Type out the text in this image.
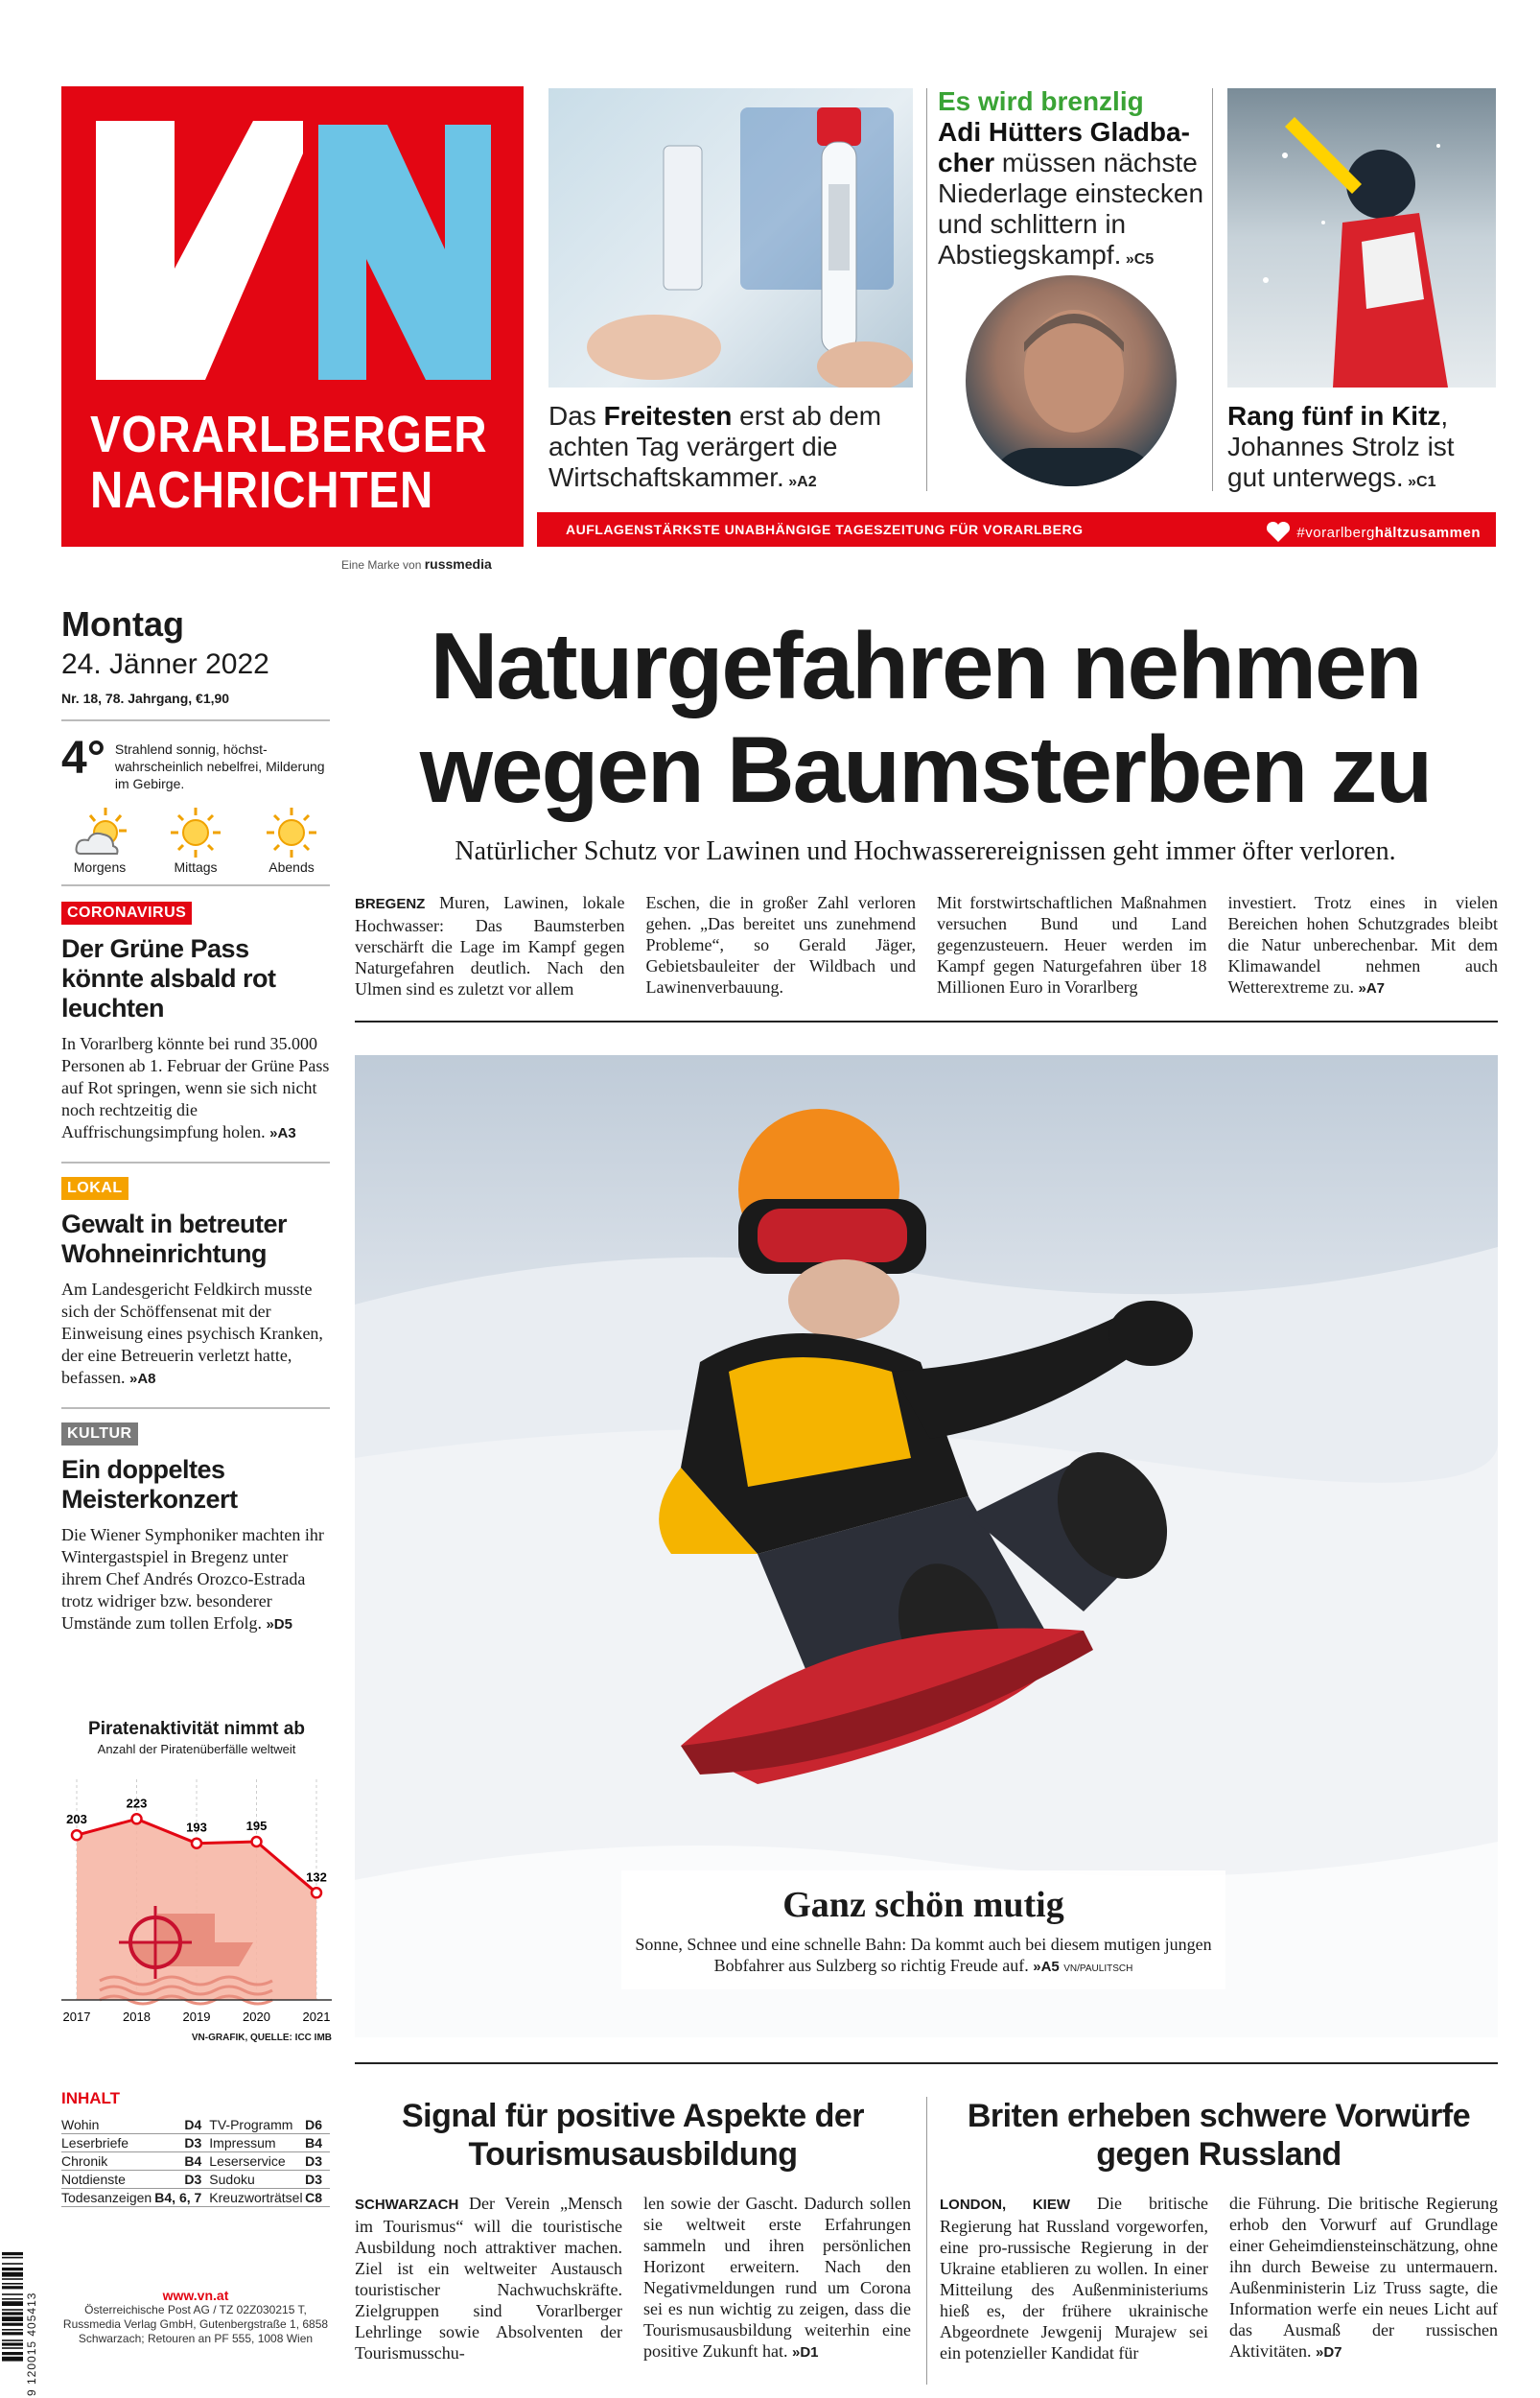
VORARLBERGER
NACHRICHTEN
Eine Marke von russmedia
Das Freitesten erst ab dem achten Tag verärgert die Wirtschaftskammer. »A2
Es wird brenzlig
Adi Hütters Gladbacher müssen nächste Niederlage einstecken und schlittern in Abstiegskampf. »C5
Rang fünf in Kitz, Johannes Strolz ist gut unterwegs. »C1
AUFLAGENSTÄRKSTE UNABHÄNGIGE TAGESZEITUNG FÜR VORARLBERG	#vorarlberghältzusammen
Montag
24. Jänner 2022
Nr. 18, 78. Jahrgang, €1,90
4° Strahlend sonnig, höchstwahrscheinlich nebelfrei, Milderung im Gebirge.
Morgens	Mittags	Abends
CORONAVIRUS
Der Grüne Pass könnte alsbald rot leuchten
In Vorarlberg könnte bei rund 35.000 Personen ab 1. Februar der Grüne Pass auf Rot springen, wenn sie sich nicht noch rechtzeitig die Auffrischungsimpfung holen. »A3
LOKAL
Gewalt in betreuter Wohneinrichtung
Am Landesgericht Feldkirch musste sich der Schöffensenat mit der Einweisung eines psychisch Kranken, der eine Betreuerin verletzt hatte, befassen. »A8
KULTUR
Ein doppeltes Meisterkonzert
Die Wiener Symphoniker machten ihr Wintergastspiel in Bregenz unter ihrem Chef Andrés Orozco-Estrada trotz widriger bzw. besonderer Umstände zum tollen Erfolg. »D5
Piratenaktivität nimmt ab
Anzahl der Piratenüberfälle weltweit
203
2017
223
2018
193
2019
195
2020
132
2021
VN-GRAFIK, QUELLE: ICC IMB
INHALT
Wohin	D4	TV-Programm	D6
Leserbriefe	D3	Impressum	B4
Chronik	B4	Leserservice	D3
Notdienste	D3	Sudoku	D3
Todesanzeigen	B4, 6, 7	Kreuzworträtsel	C8
www.vn.at
Österreichische Post AG / TZ 02Z030215 T, Russmedia Verlag GmbH, Gutenbergstraße 1, 6858 Schwarzach; Retouren an PF 555, 1008 Wien
9 120015 405413
Naturgefahren nehmen wegen Baumsterben zu
Natürlicher Schutz vor Lawinen und Hochwasserereignissen geht immer öfter verloren.
BREGENZ Muren, Lawinen, lokale Hochwasser: Das Baumsterben verschärft die Lage im Kampf gegen Naturgefahren deutlich. Nach den Ulmen sind es zuletzt vor allem
Eschen, die in großer Zahl verloren gehen. „Das bereitet uns zunehmend Probleme“, so Gerald Jäger, Gebietsbauleiter der Wildbach und Lawinenverbauung.
Mit forstwirtschaftlichen Maßnahmen versuchen Bund und Land gegenzusteuern. Heuer werden im Kampf gegen Naturgefahren über 18 Millionen Euro in Vorarlberg
investiert. Trotz eines in vielen Bereichen hohen Schutzgrades bleibt die Natur unberechenbar. Mit dem Klimawandel nehmen auch Wetterextreme zu. »A7
Ganz schön mutig
Sonne, Schnee und eine schnelle Bahn: Da kommt auch bei diesem mutigen jungen Bobfahrer aus Sulzberg so richtig Freude auf. »A5 VN/PAULITSCH
Signal für positive Aspekte der Tourismusausbildung
SCHWARZACH Der Verein „Mensch im Tourismus“ will die touristische Ausbildung noch attraktiver machen. Ziel ist ein weltweiter Austausch touristischer Nachwuchskräfte. Zielgruppen sind Vorarlberger Lehrlinge sowie Absolventen der Tourismusschu-
len sowie der Gascht. Dadurch sollen sie weltweit erste Erfahrungen sammeln und ihren persönlichen Horizont erweitern. Nach den Negativmeldungen rund um Corona sei es nun wichtig zu zeigen, dass die Tourismusausbildung weiterhin eine positive Zukunft hat. »D1
Briten erheben schwere Vorwürfe gegen Russland
LONDON, KIEW Die britische Regierung hat Russland vorgeworfen, eine pro-russische Regierung in der Ukraine etablieren zu wollen. In einer Mitteilung des Außenministeriums hieß es, der frühere ukrainische Abgeordnete Jewgenij Murajew sei ein potenzieller Kandidat für
die Führung. Die britische Regierung erhob den Vorwurf auf Grundlage einer Geheimdiensteinschätzung, ohne ihn durch Beweise zu untermauern. Außenministerin Liz Truss sagte, die Information werfe ein neues Licht auf das Ausmaß der russischen Aktivitäten. »D7
